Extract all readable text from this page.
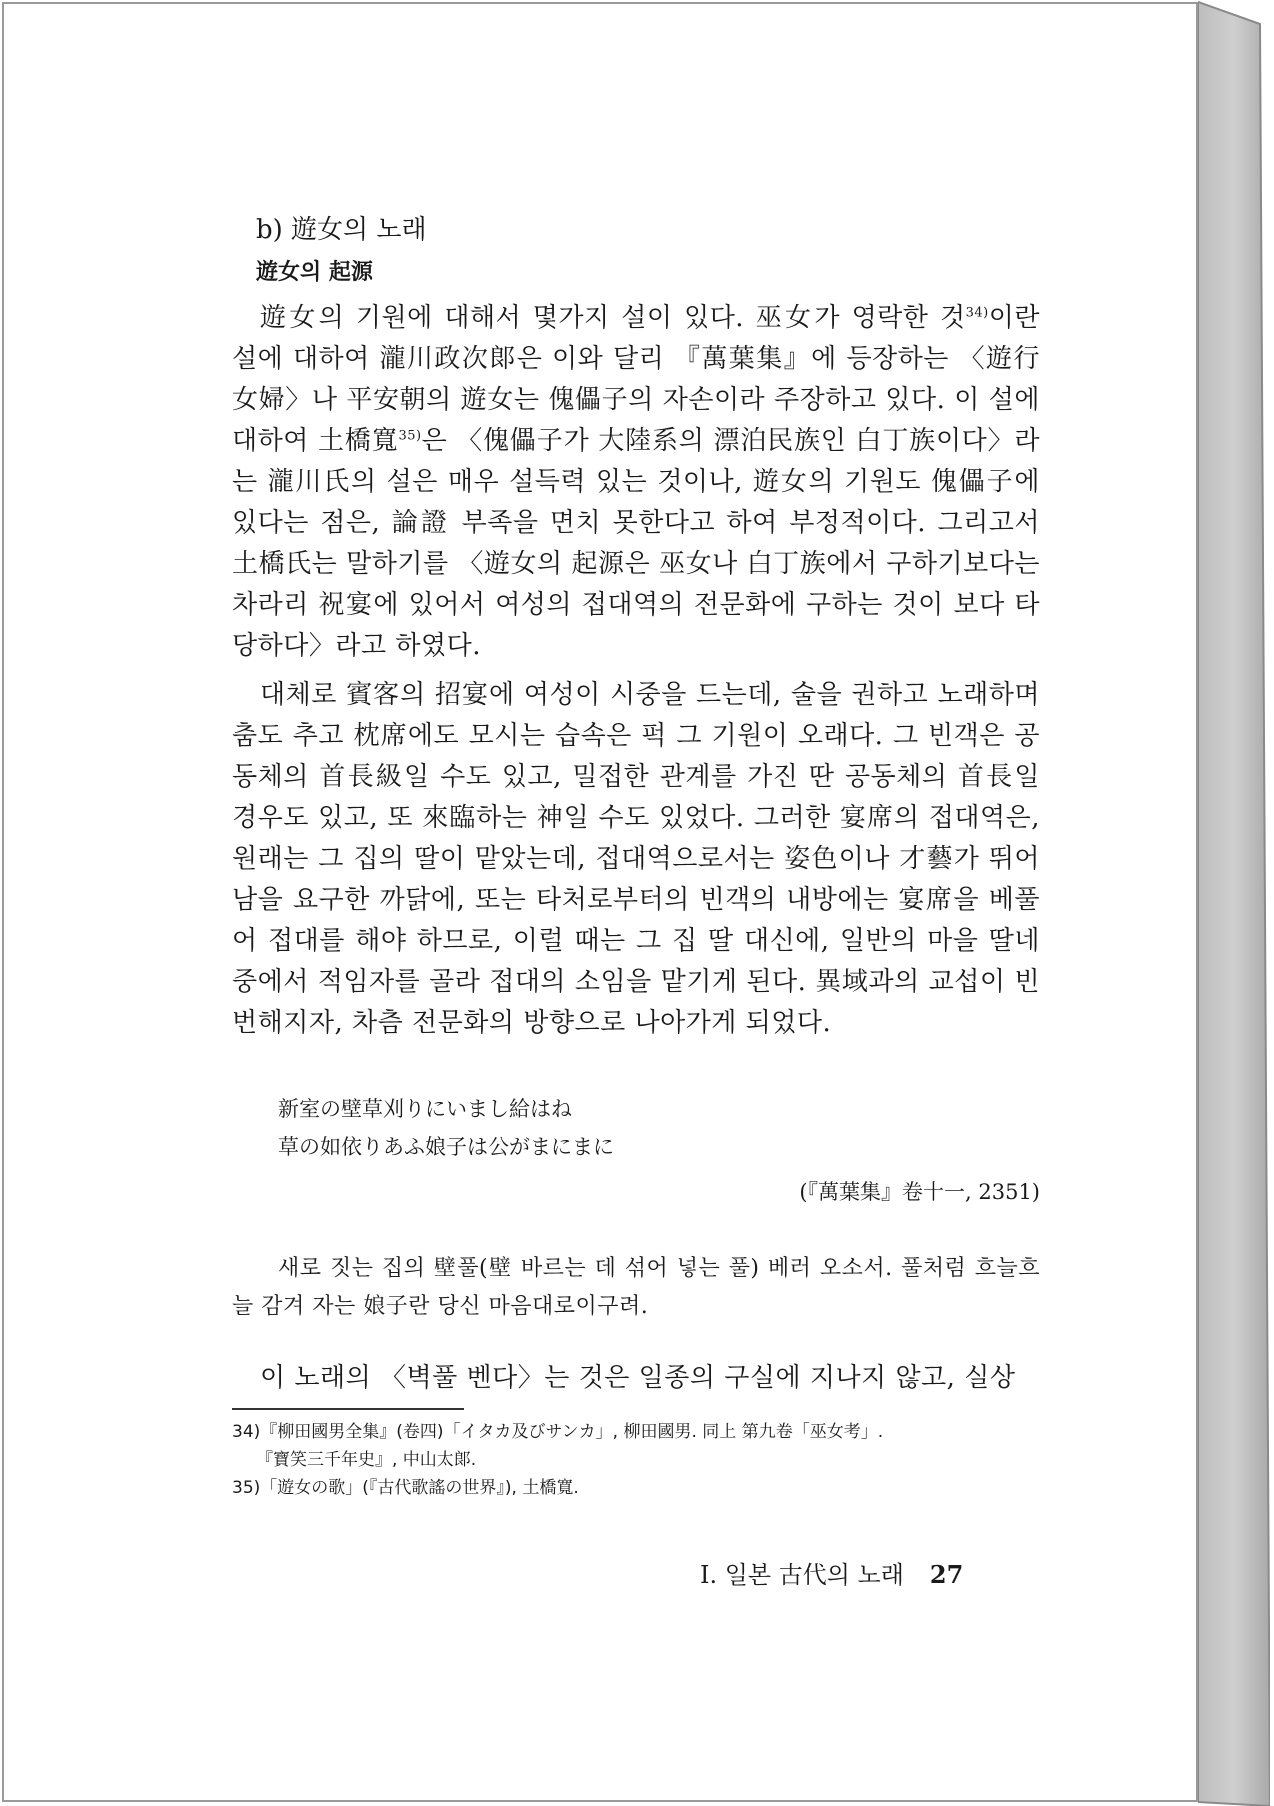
b) 遊女의 노래
遊女의 起源

遊女의 기원에 대해서 몇가지 설이 있다. 巫女가 영락한 것$^{34)}$이란 설에 대하여 瀧川政次郞은 이와 달리 『萬葉集』에 등장하는 〈遊行女婦〉나 平安朝의 遊女는 傀儡子의 자손이라 주장하고 있다. 이 설에 대하여 土橋寬$^{35)}$은 〈傀儡子가 大陸系의 漂泊民族인 白丁族이다〉라는 瀧川氏의 설은 매우 설득력 있는 것이나, 遊女의 기원도 傀儡子에 있다는 점은, 論證 부족을 면치 못한다고 하여 부정적이다. 그리고서 土橋氏는 말하기를 〈遊女의 起源은 巫女나 白丁族에서 구하기보다는 차라리 祝宴에 있어서 여성의 접대역의 전문화에 구하는 것이 보다 타당하다〉라고 하였다.

대체로 賓客의 招宴에 여성이 시중을 드는데, 술을 권하고 노래하며 춤도 추고 枕席에도 모시는 습속은 퍽 그 기원이 오래다. 그 빈객은 공동체의 首長級일 수도 있고, 밀접한 관계를 가진 딴 공동체의 首長일 경우도 있고, 또 來臨하는 神일 수도 있었다. 그러한 宴席의 접대역은, 원래는 그 집의 딸이 맡았는데, 접대역으로서는 姿色이나 才藝가 뛰어남을 요구한 까닭에, 또는 타처로부터의 빈객의 내방에는 宴席을 베풀어 접대를 해야 하므로, 이럴 때는 그 집 딸 대신에, 일반의 마을 딸네 중에서 적임자를 골라 접대의 소임을 맡기게 된다. 異域과의 교섭이 빈번해지자, 차츰 전문화의 방향으로 나아가게 되었다.

新室の壁草刈りにいまし給はね
草の如依りあふ娘子は公がまにまに
(『萬葉集』卷十一, 2351)
새로 짓는 집의 壁풀(壁 바르는 데 섞어 넣는 풀) 베러 오소서. 풀처럼 흐늘흐늘 감겨 자는 娘子란 당신 마음대로이구려.
이 노래의 〈벽풀 벤다〉는 것은 일종의 구실에 지나지 않고, 실상

34)『柳田國男全集』(卷四)「イタカ及びサンカ」, 柳田國男. 同上 第九卷「巫女考」.

『寶笑三千年史』, 中山太郞.

35)「遊女の歌」(『古代歌謠の世界』), 土橋寬.

I. 일본 古代의 노래 27
